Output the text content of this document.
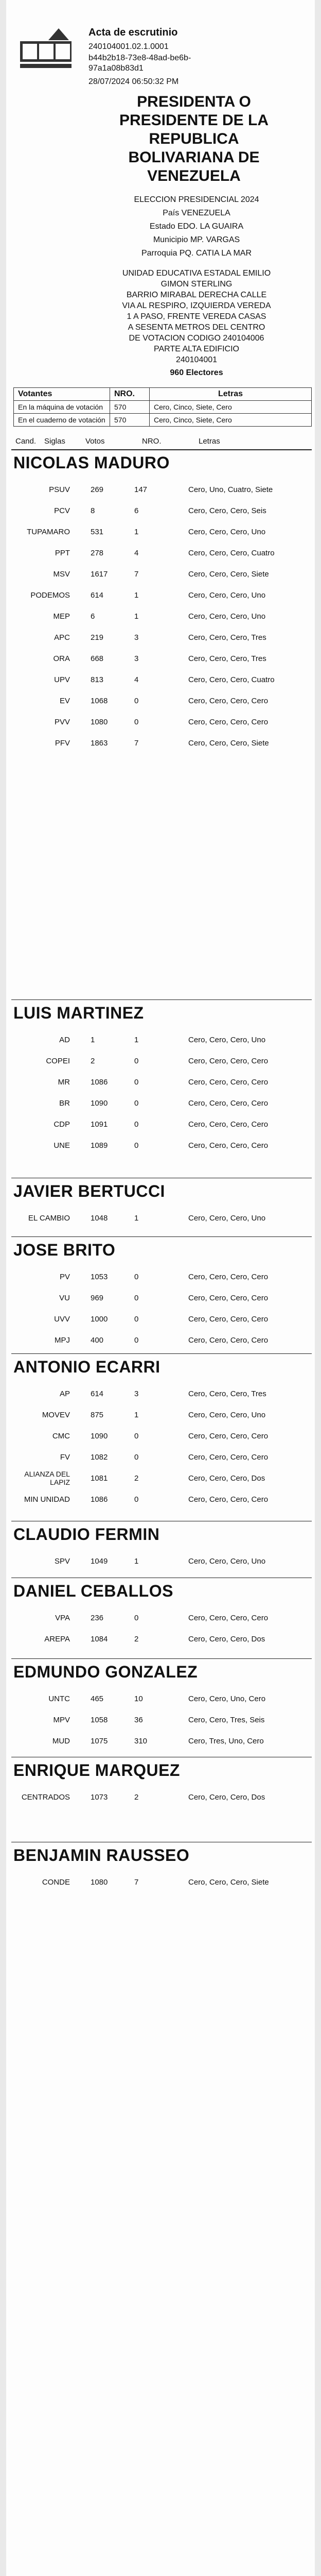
Acta de escrutinio
240104001.02.1.0001
b44b2b18-73e8-48ad-be6b-
97a1a08b83d1
28/07/2024 06:50:32 PM
PRESIDENTA O
PRESIDENTE DE LA
REPUBLICA
BOLIVARIANA DE
VENEZUELA
ELECCION PRESIDENCIAL 2024
País VENEZUELA
Estado EDO. LA GUAIRA
Municipio MP. VARGAS
Parroquia PQ. CATIA LA MAR
UNIDAD EDUCATIVA ESTADAL EMILIO
GIMON STERLING
BARRIO MIRABAL DERECHA CALLE
VIA AL RESPIRO, IZQUIERDA VEREDA
1 A PASO, FRENTE VEREDA CASAS
A SESENTA METROS DEL CENTRO
DE VOTACION CODIGO 240104006
PARTE ALTA EDIFICIO
240104001
960 Electores
Votantes	NRO.	Letras
En la máquina de votación	570	Cero, Cinco, Siete, Cero
En el cuaderno de votación	570	Cero, Cinco, Siete, Cero
Cand. Siglas	Votos	NRO.	Letras
NICOLAS MADURO
PSUV	269	147	Cero, Uno, Cuatro, Siete
PCV	8	6	Cero, Cero, Cero, Seis
TUPAMARO	531	1	Cero, Cero, Cero, Uno
PPT	278	4	Cero, Cero, Cero, Cuatro
MSV	1617	7	Cero, Cero, Cero, Siete
PODEMOS	614	1	Cero, Cero, Cero, Uno
MEP	6	1	Cero, Cero, Cero, Uno
APC	219	3	Cero, Cero, Cero, Tres
ORA	668	3	Cero, Cero, Cero, Tres
UPV	813	4	Cero, Cero, Cero, Cuatro
EV	1068	0	Cero, Cero, Cero, Cero
PVV	1080	0	Cero, Cero, Cero, Cero
PFV	1863	7	Cero, Cero, Cero, Siete
LUIS MARTINEZ
AD	1	1	Cero, Cero, Cero, Uno
COPEI	2	0	Cero, Cero, Cero, Cero
MR	1086	0	Cero, Cero, Cero, Cero
BR	1090	0	Cero, Cero, Cero, Cero
CDP	1091	0	Cero, Cero, Cero, Cero
UNE	1089	0	Cero, Cero, Cero, Cero
JAVIER BERTUCCI
EL CAMBIO	1048	1	Cero, Cero, Cero, Uno
JOSE BRITO
PV	1053	0	Cero, Cero, Cero, Cero
VU	969	0	Cero, Cero, Cero, Cero
UVV	1000	0	Cero, Cero, Cero, Cero
MPJ	400	0	Cero, Cero, Cero, Cero
ANTONIO ECARRI
AP	614	3	Cero, Cero, Cero, Tres
MOVEV	875	1	Cero, Cero, Cero, Uno
CMC	1090	0	Cero, Cero, Cero, Cero
FV	1082	0	Cero, Cero, Cero, Cero
ALIANZA DEL LAPIZ	1081	2	Cero, Cero, Cero, Dos
MIN UNIDAD	1086	0	Cero, Cero, Cero, Cero
CLAUDIO FERMIN
SPV	1049	1	Cero, Cero, Cero, Uno
DANIEL CEBALLOS
VPA	236	0	Cero, Cero, Cero, Cero
AREPA	1084	2	Cero, Cero, Cero, Dos
EDMUNDO GONZALEZ
UNTC	465	10	Cero, Cero, Uno, Cero
MPV	1058	36	Cero, Cero, Tres, Seis
MUD	1075	310	Cero, Tres, Uno, Cero
ENRIQUE MARQUEZ
CENTRADOS	1073	2	Cero, Cero, Cero, Dos
BENJAMIN RAUSSEO
CONDE	1080	7	Cero, Cero, Cero, Siete
